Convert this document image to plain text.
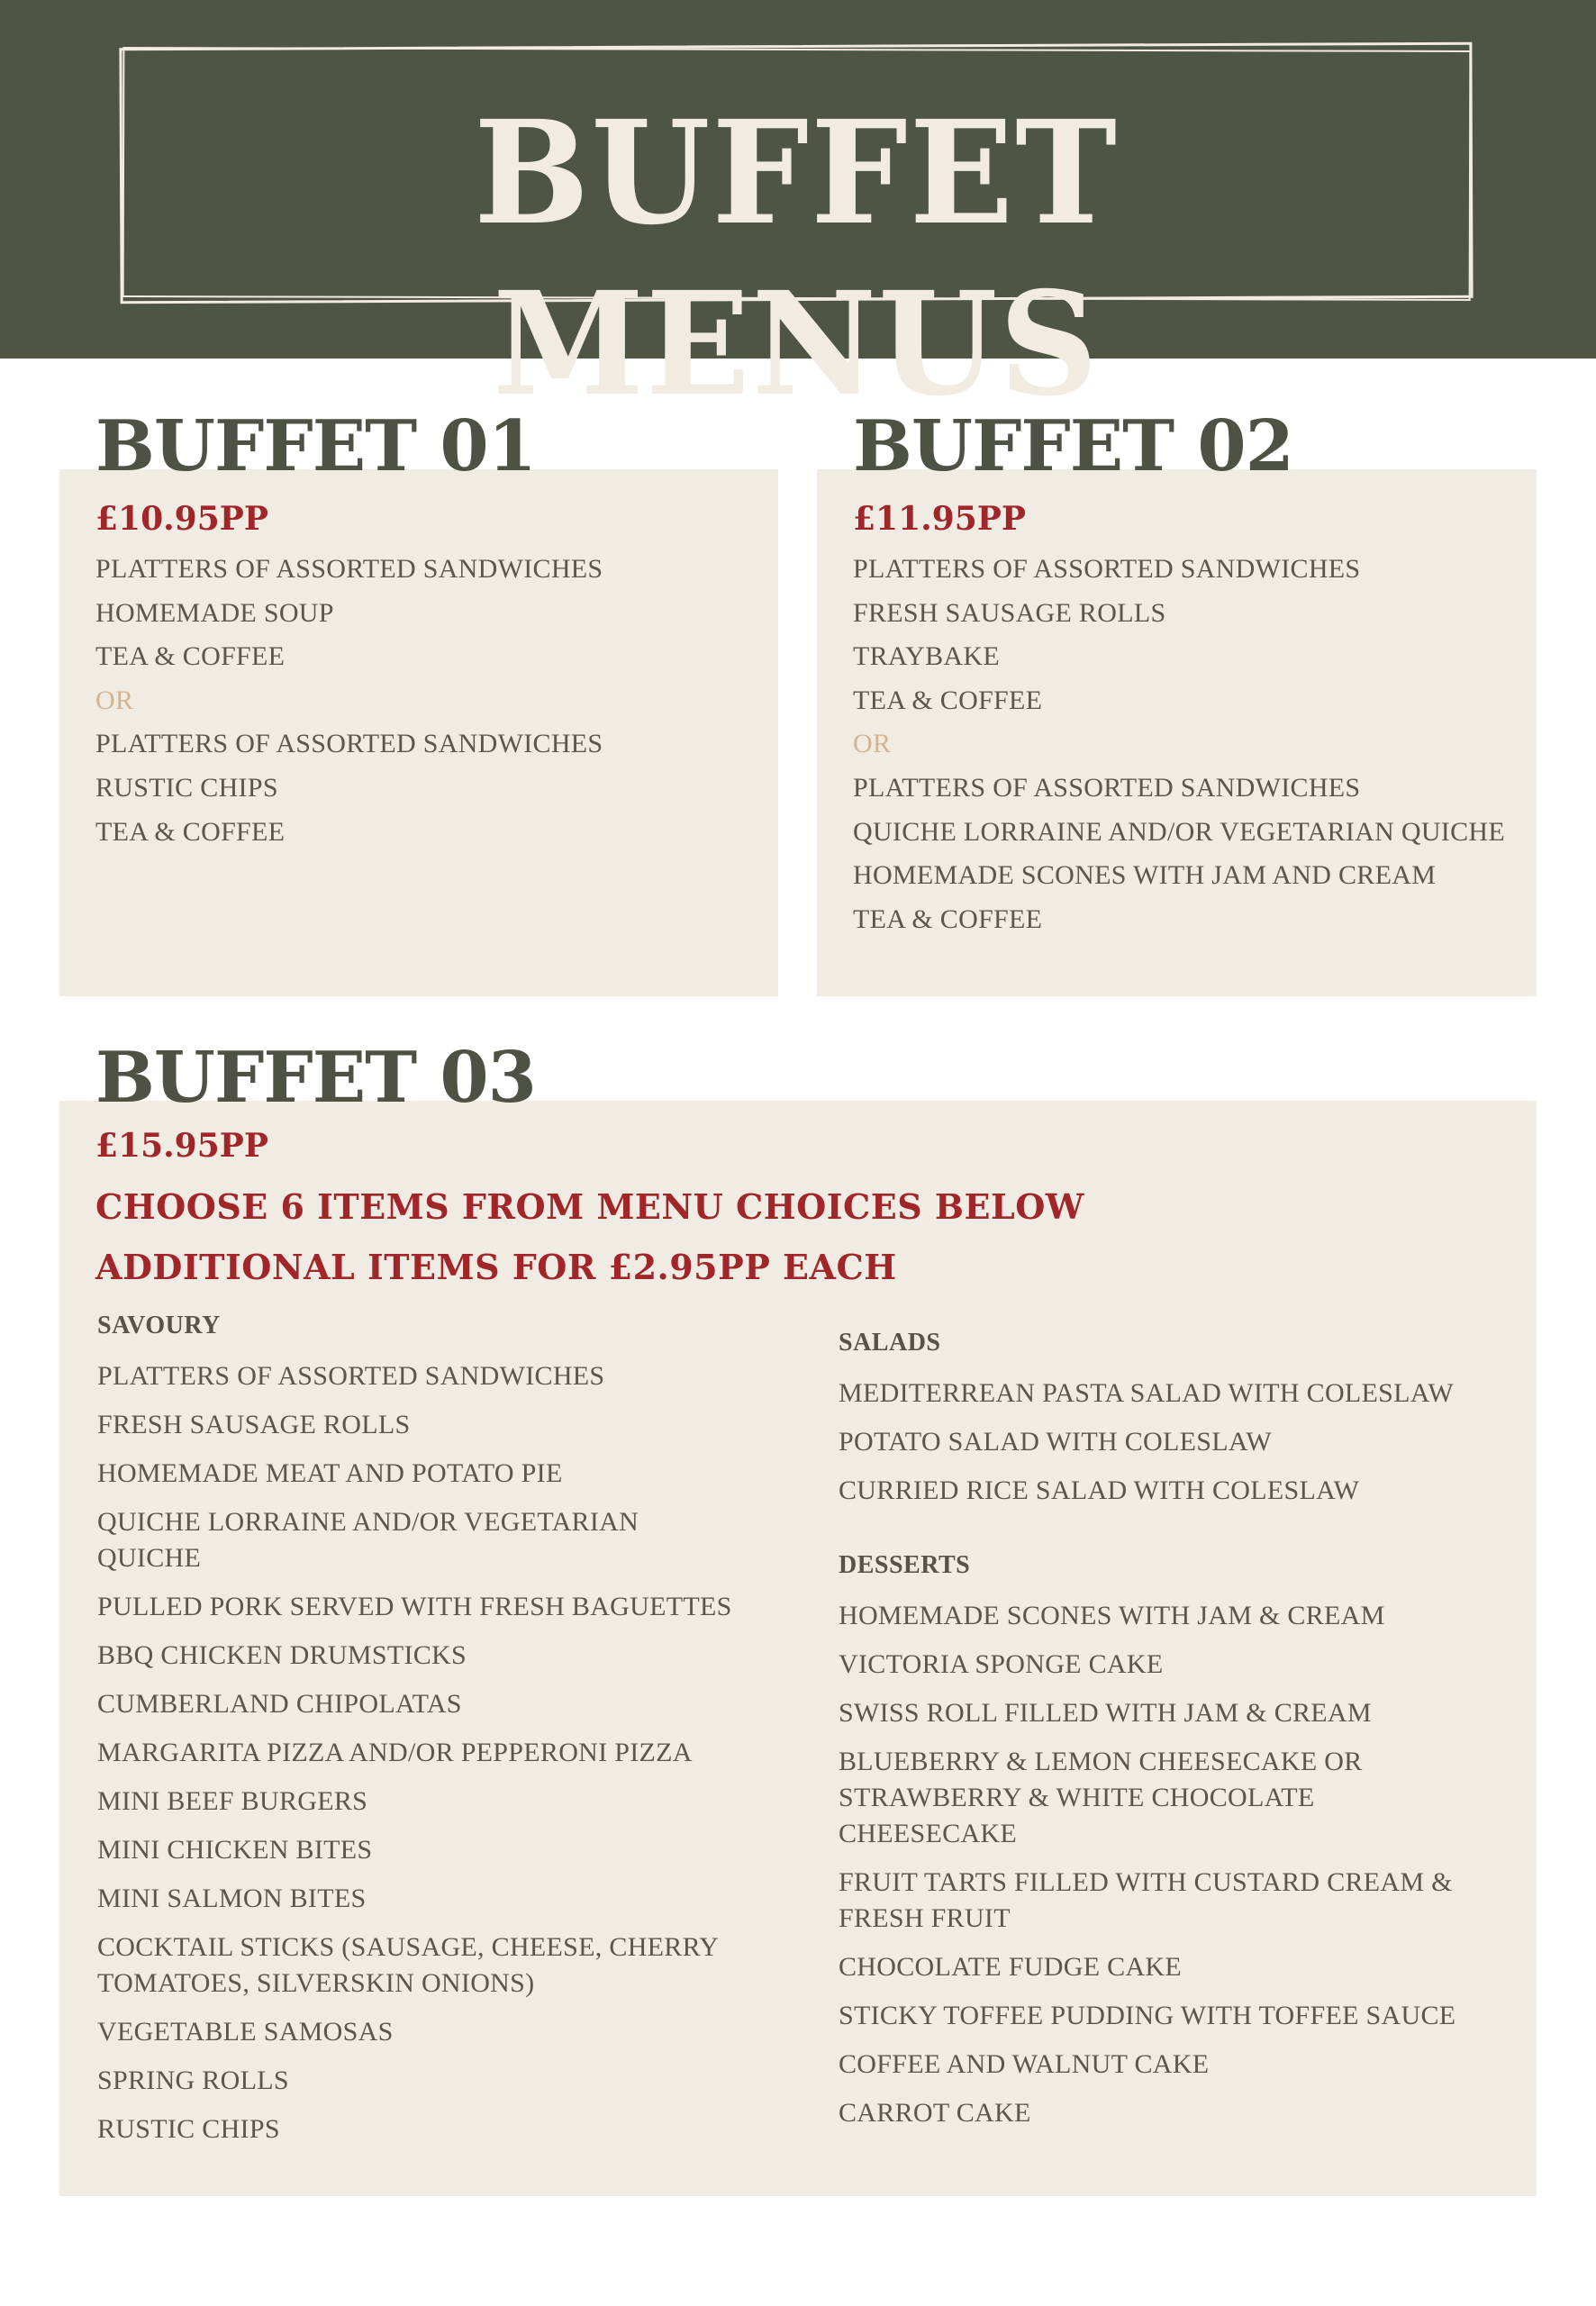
BUFFET MENUS
BUFFET 01
£10.95PP
PLATTERS OF ASSORTED SANDWICHES
HOMEMADE SOUP
TEA & COFFEE
OR
PLATTERS OF ASSORTED SANDWICHES
RUSTIC CHIPS
TEA & COFFEE
BUFFET 02
£11.95PP
PLATTERS OF ASSORTED SANDWICHES
FRESH SAUSAGE ROLLS
TRAYBAKE
TEA & COFFEE
OR
PLATTERS OF ASSORTED SANDWICHES
QUICHE LORRAINE AND/OR VEGETARIAN QUICHE
HOMEMADE SCONES WITH JAM AND CREAM
TEA & COFFEE
BUFFET 03
£15.95PP
CHOOSE 6 ITEMS FROM MENU CHOICES BELOW
ADDITIONAL ITEMS FOR £2.95PP EACH
SAVOURY
PLATTERS OF ASSORTED SANDWICHES
FRESH SAUSAGE ROLLS
HOMEMADE MEAT AND POTATO PIE
QUICHE LORRAINE AND/OR VEGETARIAN QUICHE
PULLED PORK SERVED WITH FRESH BAGUETTES
BBQ CHICKEN DRUMSTICKS
CUMBERLAND CHIPOLATAS
MARGARITA PIZZA AND/OR PEPPERONI PIZZA
MINI BEEF BURGERS
MINI CHICKEN BITES
MINI SALMON BITES
COCKTAIL STICKS (SAUSAGE, CHEESE, CHERRY TOMATOES, SILVERSKIN ONIONS)
VEGETABLE SAMOSAS
SPRING ROLLS
RUSTIC CHIPS
SALADS
MEDITERREAN PASTA SALAD WITH COLESLAW
POTATO SALAD WITH COLESLAW
CURRIED RICE SALAD WITH COLESLAW
DESSERTS
HOMEMADE SCONES WITH JAM & CREAM
VICTORIA SPONGE CAKE
SWISS ROLL FILLED WITH JAM & CREAM
BLUEBERRY & LEMON CHEESECAKE OR STRAWBERRY & WHITE CHOCOLATE CHEESECAKE
FRUIT TARTS FILLED WITH CUSTARD CREAM & FRESH FRUIT
CHOCOLATE FUDGE CAKE
STICKY TOFFEE PUDDING WITH TOFFEE SAUCE
COFFEE AND WALNUT CAKE
CARROT CAKE
